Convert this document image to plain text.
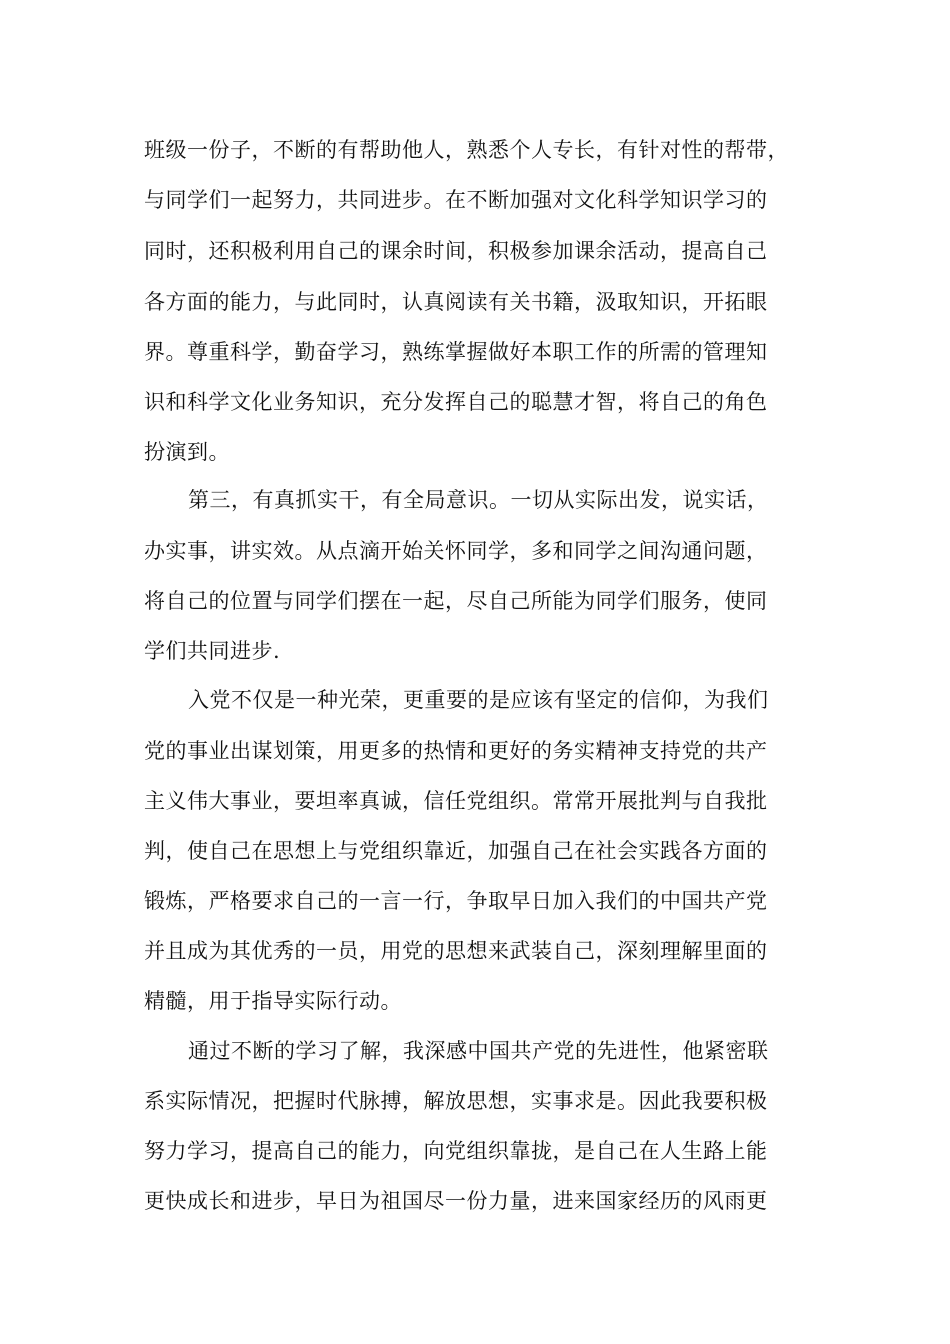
班级一份子，不断的有帮助他人，熟悉个人专长，有针对性的帮带，
与同学们一起努力，共同进步。在不断加强对文化科学知识学习的
同时，还积极利用自己的课余时间，积极参加课余活动，提高自己
各方面的能力，与此同时，认真阅读有关书籍，汲取知识，开拓眼
界。尊重科学，勤奋学习，熟练掌握做好本职工作的所需的管理知
识和科学文化业务知识，充分发挥自己的聪慧才智，将自己的角色
扮演到。
第三，有真抓实干，有全局意识。一切从实际出发，说实话，
办实事，讲实效。从点滴开始关怀同学，多和同学之间沟通问题，
将自己的位置与同学们摆在一起，尽自己所能为同学们服务，使同
学们共同进步.
入党不仅是一种光荣，更重要的是应该有坚定的信仰，为我们
党的事业出谋划策，用更多的热情和更好的务实精神支持党的共产
主义伟大事业，要坦率真诚，信任党组织。常常开展批判与自我批
判，使自己在思想上与党组织靠近，加强自己在社会实践各方面的
锻炼，严格要求自己的一言一行，争取早日加入我们的中国共产党
并且成为其优秀的一员，用党的思想来武装自己，深刻理解里面的
精髓，用于指导实际行动。
通过不断的学习了解，我深感中国共产党的先进性，他紧密联
系实际情况，把握时代脉搏，解放思想，实事求是。因此我要积极
努力学习，提高自己的能力，向党组织靠拢，是自己在人生路上能
更快成长和进步，早日为祖国尽一份力量，进来国家经历的风雨更
